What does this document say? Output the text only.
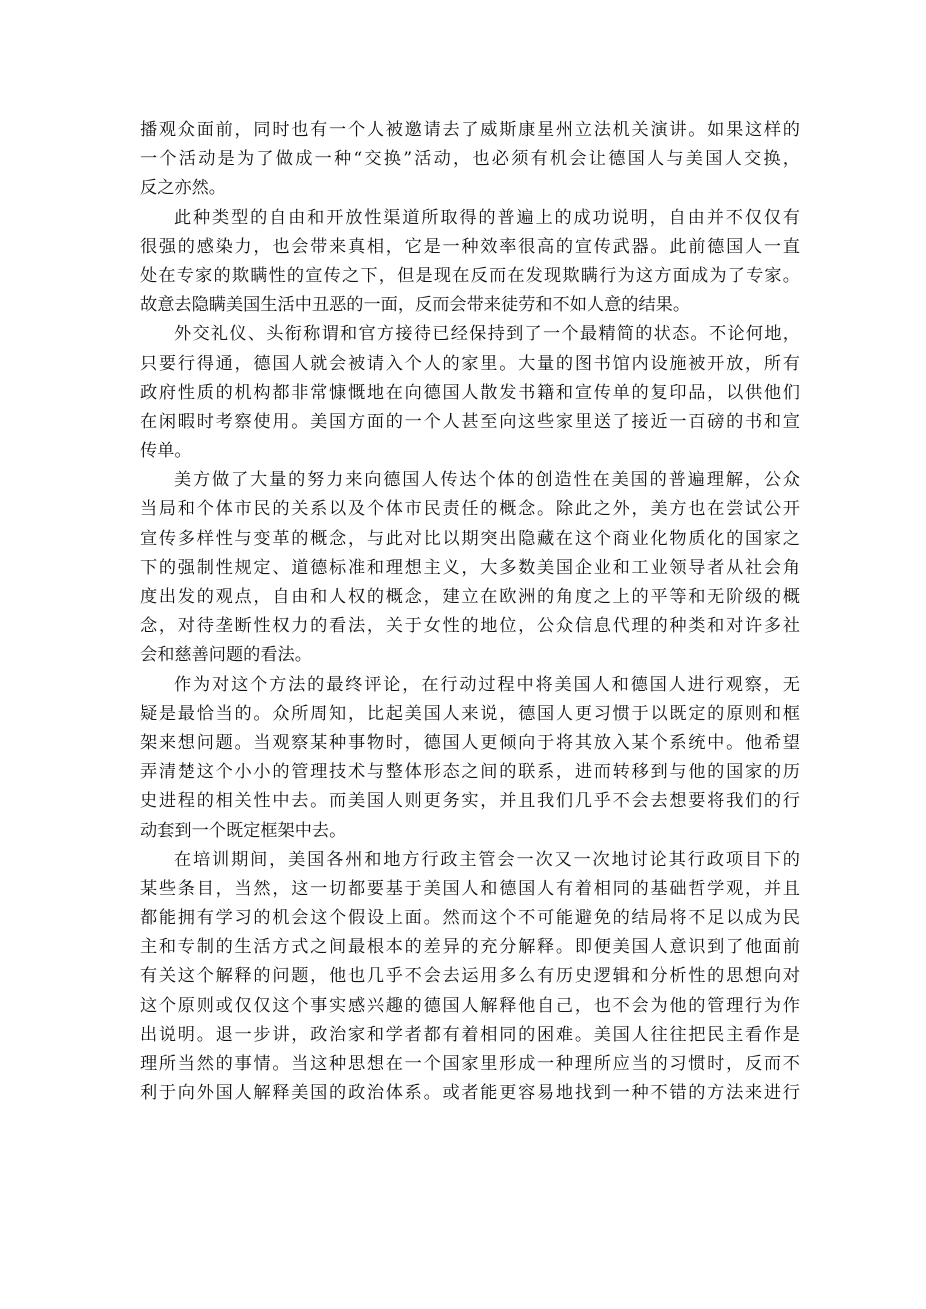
播观众面前，同时也有一个人被邀请去了威斯康星州立法机关演讲。如果这样的
一个活动是为了做成一种“交换”活动，也必须有机会让德国人与美国人交换，
反之亦然。
此种类型的自由和开放性渠道所取得的普遍上的成功说明，自由并不仅仅有
很强的感染力，也会带来真相，它是一种效率很高的宣传武器。此前德国人一直
处在专家的欺瞒性的宣传之下，但是现在反而在发现欺瞒行为这方面成为了专家。
故意去隐瞒美国生活中丑恶的一面，反而会带来徒劳和不如人意的结果。
外交礼仪、头衔称谓和官方接待已经保持到了一个最精简的状态。不论何地，
只要行得通，德国人就会被请入个人的家里。大量的图书馆内设施被开放，所有
政府性质的机构都非常慷慨地在向德国人散发书籍和宣传单的复印品，以供他们
在闲暇时考察使用。美国方面的一个人甚至向这些家里送了接近一百磅的书和宣
传单。
美方做了大量的努力来向德国人传达个体的创造性在美国的普遍理解，公众
当局和个体市民的关系以及个体市民责任的概念。除此之外，美方也在尝试公开
宣传多样性与变革的概念，与此对比以期突出隐藏在这个商业化物质化的国家之
下的强制性规定、道德标准和理想主义，大多数美国企业和工业领导者从社会角
度出发的观点，自由和人权的概念，建立在欧洲的角度之上的平等和无阶级的概
念，对待垄断性权力的看法，关于女性的地位，公众信息代理的种类和对许多社
会和慈善问题的看法。
作为对这个方法的最终评论，在行动过程中将美国人和德国人进行观察，无
疑是最恰当的。众所周知，比起美国人来说，德国人更习惯于以既定的原则和框
架来想问题。当观察某种事物时，德国人更倾向于将其放入某个系统中。他希望
弄清楚这个小小的管理技术与整体形态之间的联系，进而转移到与他的国家的历
史进程的相关性中去。而美国人则更务实，并且我们几乎不会去想要将我们的行
动套到一个既定框架中去。
在培训期间，美国各州和地方行政主管会一次又一次地讨论其行政项目下的
某些条目，当然，这一切都要基于美国人和德国人有着相同的基础哲学观，并且
都能拥有学习的机会这个假设上面。然而这个不可能避免的结局将不足以成为民
主和专制的生活方式之间最根本的差异的充分解释。即便美国人意识到了他面前
有关这个解释的问题，他也几乎不会去运用多么有历史逻辑和分析性的思想向对
这个原则或仅仅这个事实感兴趣的德国人解释他自己，也不会为他的管理行为作
出说明。退一步讲，政治家和学者都有着相同的困难。美国人往往把民主看作是
理所当然的事情。当这种思想在一个国家里形成一种理所应当的习惯时，反而不
利于向外国人解释美国的政治体系。或者能更容易地找到一种不错的方法来进行
